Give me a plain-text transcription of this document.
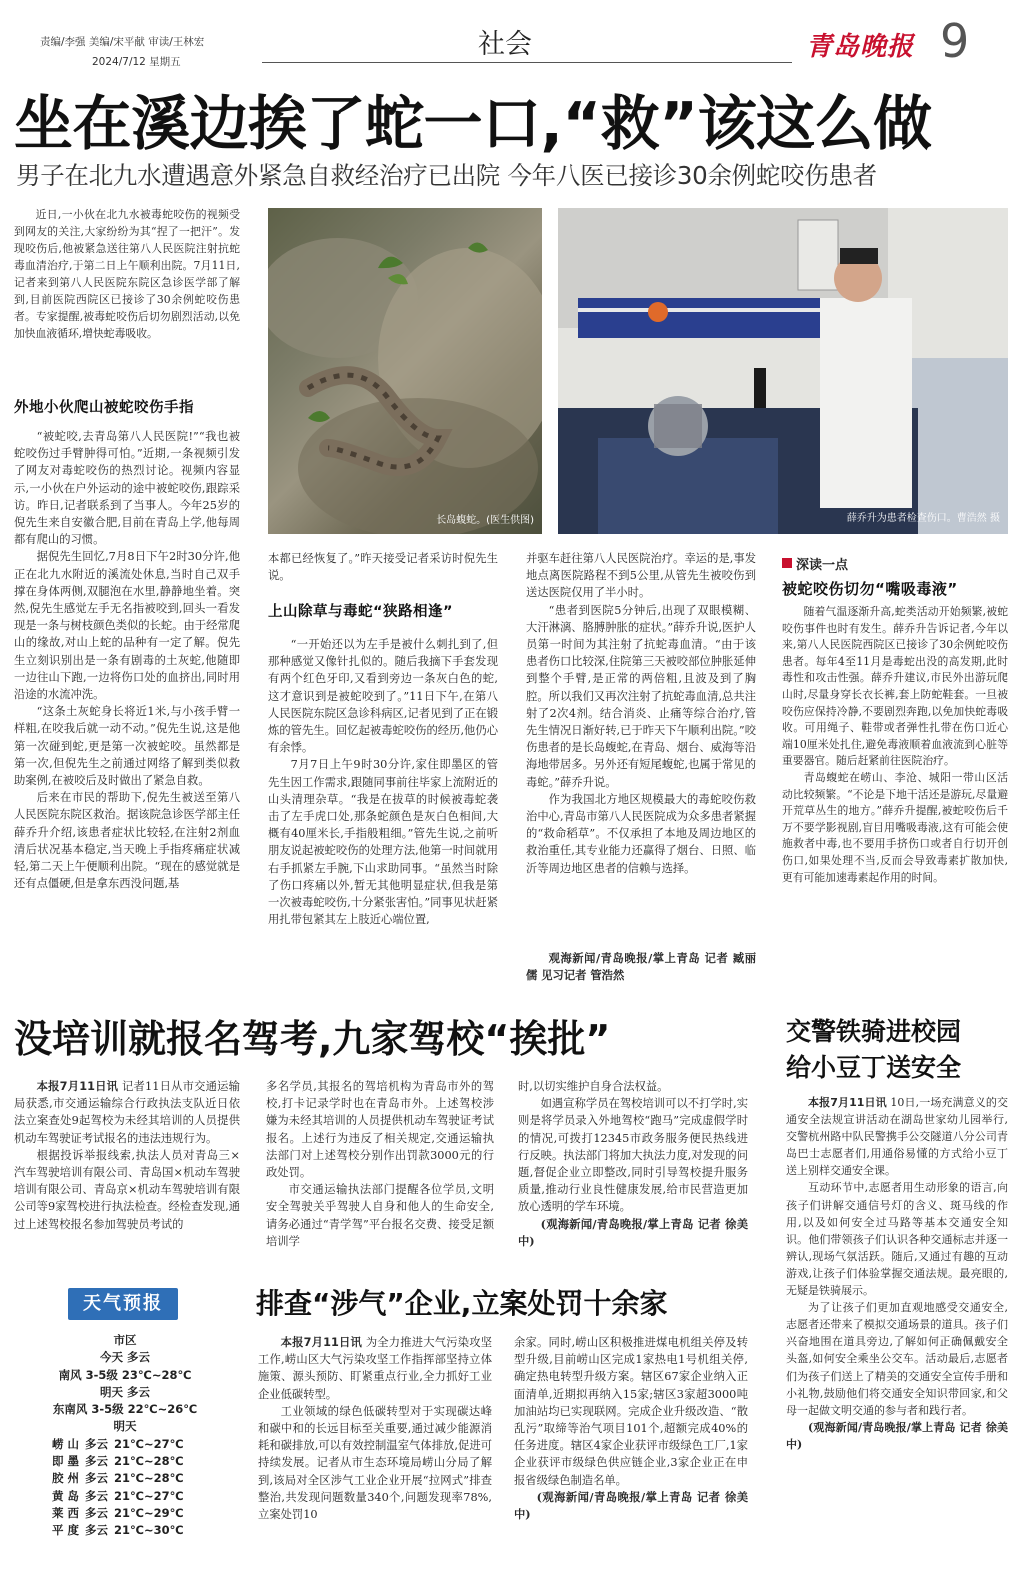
责编/李强 美编/宋平献 审读/王林宏
2024/7/12 星期五
社会	青岛晚报 9
坐在溪边挨了蛇一口,“救”该这么做
男子在北九水遭遇意外紧急自救经治疗已出院 今年八医已接诊30余例蛇咬伤患者

近日,一小伙在北九水被毒蛇咬伤的视频受到网友的关注,大家纷纷为其“捏了一把汗”。发现咬伤后,他被紧急送往第八人民医院注射抗蛇毒血清治疗,于第二日上午顺利出院。7月11日,记者来到第八人民医院东院区急诊医学部了解到,目前医院西院区已接诊了30余例蛇咬伤患者。专家提醒,被毒蛇咬伤后切勿剧烈活动,以免加快血液循环,增快蛇毒吸收。

外地小伙爬山被蛇咬伤手指

“被蛇咬,去青岛第八人民医院!”“我也被蛇咬伤过手臂肿得可怕。”近期,一条视频引发了网友对毒蛇咬伤的热烈讨论。视频内容显示,一小伙在户外运动的途中被蛇咬伤,跟踪采访。昨日,记者联系到了当事人。今年25岁的倪先生来自安徽合肥,目前在青岛上学,他每周都有爬山的习惯。

据倪先生回忆,7月8日下午2时30分许,他正在北九水附近的溪流处休息,当时自己双手撑在身体两侧,双腿泡在水里,静静地坐着。突然,倪先生感觉左手无名指被咬到,回头一看发现是一条与树枝颜色类似的长蛇。由于经常爬山的缘故,对山上蛇的品种有一定了解。倪先生立刻识别出是一条有剧毒的土灰蛇,他随即一边往山下跑,一边将伤口处的血挤出,同时用沿途的水流冲洗。

“这条土灰蛇身长将近1米,与小孩手臂一样粗,在咬我后就一动不动。”倪先生说,这是他第一次碰到蛇,更是第一次被蛇咬。虽然都是第一次,但倪先生之前通过网络了解到类似救助案例,在被咬后及时做出了紧急自救。

后来在市民的帮助下,倪先生被送至第八人民医院东院区救治。据该院急诊医学部主任薛乔升介绍,该患者症状比较轻,在注射2剂血清后状况基本稳定,当天晚上手指疼痛症状减轻,第二天上午便顺利出院。“现在的感觉就是还有点僵硬,但是拿东西没问题,基

长岛蝮蛇。(医生供图)	薛乔升为患者检查伤口。曹浩然 摄

本都已经恢复了。”昨天接受记者采访时倪先生说。

上山除草与毒蛇“狭路相逢”

“一开始还以为左手是被什么刺扎到了,但那种感觉又像针扎似的。随后我摘下手套发现有两个红色牙印,又看到旁边一条灰白色的蛇,这才意识到是被蛇咬到了。”11日下午,在第八人民医院东院区急诊科病区,记者见到了正在锻炼的管先生。回忆起被毒蛇咬伤的经历,他仍心有余悸。

7月7日上午9时30分许,家住即墨区的管先生因工作需求,跟随同事前往毕家上流附近的山头清理杂草。“我是在拔草的时候被毒蛇袭击了左手虎口处,那条蛇颜色是灰白色相间,大概有40厘米长,手指般粗细。”管先生说,之前听朋友说起被蛇咬伤的处理方法,他第一时间就用右手抓紧左手腕,下山求助同事。“虽然当时除了伤口疼痛以外,暂无其他明显症状,但我是第一次被毒蛇咬伤,十分紧张害怕。”同事见状赶紧用扎带包紧其左上肢近心端位置,

并驱车赶往第八人民医院治疗。幸运的是,事发地点离医院路程不到5公里,从管先生被咬伤到送达医院仅用了半小时。

“患者到医院5分钟后,出现了双眼模糊、大汗淋漓、胳膊肿胀的症状。”薛乔升说,医护人员第一时间为其注射了抗蛇毒血清。“由于该患者伤口比较深,住院第三天被咬部位肿胀延伸到整个手臂,是正常的两倍粗,且波及到了胸腔。所以我们又再次注射了抗蛇毒血清,总共注射了2次4剂。结合消炎、止痛等综合治疗,管先生情况日渐好转,已于昨天下午顺利出院。”咬伤患者的是长岛蝮蛇,在青岛、烟台、威海等沿海地带居多。另外还有短尾蝮蛇,也属于常见的毒蛇。”薛乔升说。

作为我国北方地区规模最大的毒蛇咬伤救治中心,青岛市第八人民医院成为众多患者紧握的“救命稻草”。不仅承担了本地及周边地区的救治重任,其专业能力还赢得了烟台、日照、临沂等周边地区患者的信赖与选择。

观海新闻/青岛晚报/掌上青岛 记者 臧丽儒 见习记者 管浩然

深读一点
被蛇咬伤切勿“嘴吸毒液”

随着气温逐渐升高,蛇类活动开始频繁,被蛇咬伤事件也时有发生。薛乔升告诉记者,今年以来,第八人民医院西院区已接诊了30余例蛇咬伤患者。每年4至11月是毒蛇出没的高发期,此时毒性和攻击性强。薛乔升建议,市民外出游玩爬山时,尽量身穿长衣长裤,套上防蛇鞋套。一旦被咬伤应保持冷静,不要剧烈奔跑,以免加快蛇毒吸收。可用绳子、鞋带或者弹性扎带在伤口近心端10厘米处扎住,避免毒液顺着血液流到心脏等重要器官。随后赶紧前往医院治疗。

青岛蝮蛇在崂山、李沧、城阳一带山区活动比较频繁。“不论是下地干活还是游玩,尽量避开荒草丛生的地方。”薛乔升提醒,被蛇咬伤后千万不要学影视剧,盲目用嘴吸毒液,这有可能会使施救者中毒,也不要用手挤伤口或者自行切开创伤口,如果处理不当,反而会导致毒素扩散加快,更有可能加速毒素起作用的时间。

没培训就报名驾考,九家驾校“挨批”

本报7月11日讯 记者11日从市交通运输局获悉,市交通运输综合行政执法支队近日依法立案查处9起驾校为未经其培训的人员提供机动车驾驶证考试报名的违法违规行为。

根据投诉举报线索,执法人员对青岛三×汽车驾驶培训有限公司、青岛国×机动车驾驶培训有限公司、青岛京×机动车驾驶培训有限公司等9家驾校进行执法检查。经检查发现,通过上述驾校报名参加驾驶员考试的

多名学员,其报名的驾培机构为青岛市外的驾校,打卡记录学时也在青岛市外。上述驾校涉嫌为未经其培训的人员提供机动车驾驶证考试报名。上述行为违反了相关规定,交通运输执法部门对上述驾校分别作出罚款3000元的行政处罚。

市交通运输执法部门提醒各位学员,文明安全驾驶关乎驾驶人自身和他人的生命安全,请务必通过“青学驾”平台报名交费、接受足额培训学

时,以切实维护自身合法权益。

如遇宣称学员在驾校培训可以不打学时,实则是将学员录入外地驾校“跑马”完成虚假学时的情况,可拨打12345市政务服务便民热线进行反映。执法部门将加大执法力度,对发现的问题,督促企业立即整改,同时引导驾校提升服务质量,推动行业良性健康发展,给市民营造更加放心透明的学车环境。

(观海新闻/青岛晚报/掌上青岛 记者 徐美中)

交警铁骑进校园
给小豆丁送安全

本报7月11日讯 10日,一场充满意义的交通安全法规宣讲活动在湖岛世家幼儿园举行,交警杭州路中队民警携手公交隧道八分公司青岛巴士志愿者们,用通俗易懂的方式给小豆丁送上别样交通安全课。

互动环节中,志愿者用生动形象的语言,向孩子们讲解交通信号灯的含义、斑马线的作用,以及如何安全过马路等基本交通安全知识。他们带领孩子们认识各种交通标志并逐一辨认,现场气氛活跃。随后,又通过有趣的互动游戏,让孩子们体验掌握交通法规。最亮眼的,无疑是铁骑展示。

为了让孩子们更加直观地感受交通安全,志愿者还带来了模拟交通场景的道具。孩子们兴奋地围在道具旁边,了解如何正确佩戴安全头盔,如何安全乘坐公交车。活动最后,志愿者们为孩子们送上了精美的交通安全宣传手册和小礼物,鼓励他们将交通安全知识带回家,和父母一起做文明交通的参与者和践行者。

(观海新闻/青岛晚报/掌上青岛 记者 徐美中)

天气预报
市区
今天 多云
南风 3-5级 23℃~28℃
明天 多云
东南风 3-5级 22℃~26℃
明天
崂 山 多云 21℃~27℃
即 墨 多云 21℃~28℃
胶 州 多云 21℃~28℃
黄 岛 多云 21℃~27℃
莱 西 多云 21℃~29℃
平 度 多云 21℃~30℃
排查“涉气”企业,立案处罚十余家

本报7月11日讯 为全力推进大气污染攻坚工作,崂山区大气污染攻坚工作指挥部坚持立体施策、源头预防、盯紧重点行业,全力抓好工业企业低碳转型。

工业领域的绿色低碳转型对于实现碳达峰和碳中和的长远目标至关重要,通过减少能源消耗和碳排放,可以有效控制温室气体排放,促进可持续发展。记者从市生态环境局崂山分局了解到,该局对全区涉气工业企业开展“拉网式”排查整治,共发现问题数量340个,问题发现率78%,立案处罚10

余家。同时,崂山区积极推进煤电机组关停及转型升级,目前崂山区完成1家热电1号机组关停,确定热电转型升级方案。辖区67家企业纳入正面清单,近期拟再纳入15家;辖区3家超3000吨加油站均已实现联网。完成企业升级改造、“散乱污”取缔等治气项目101个,超额完成40%的任务进度。辖区4家企业获评市级绿色工厂,1家企业获评市级绿色供应链企业,3家企业正在申报省级绿色制造名单。

(观海新闻/青岛晚报/掌上青岛 记者 徐美中)
